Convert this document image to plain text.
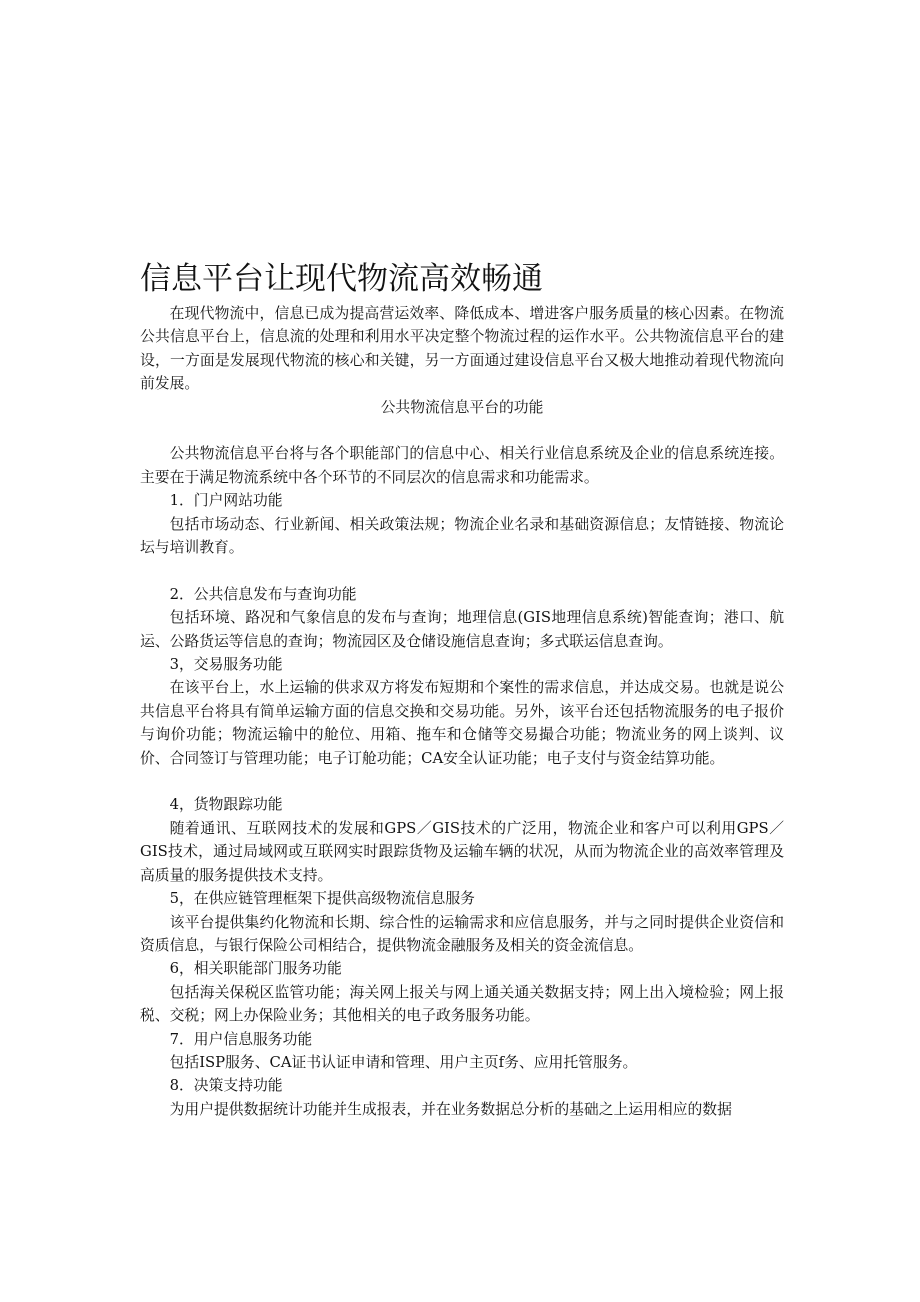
信息平台让现代物流高效畅通

在现代物流中，信息已成为提高营运效率、降低成本、增进客户服务质量的核心因素。在物流公共信息平台上，信息流的处理和利用水平决定整个物流过程的运作水平。公共物流信息平台的建设，一方面是发展现代物流的核心和关键，另一方面通过建设信息平台又极大地推动着现代物流向前发展。

公共物流信息平台的功能

公共物流信息平台将与各个职能部门的信息中心、相关行业信息系统及企业的信息系统连接。主要在于满足物流系统中各个环节的不同层次的信息需求和功能需求。

1．门户网站功能

包括市场动态、行业新闻、相关政策法规；物流企业名录和基础资源信息；友情链接、物流论坛与培训教育。

2．公共信息发布与查询功能

包括环境、路况和气象信息的发布与查询；地理信息(GIS地理信息系统)智能查询；港口、航运、公路货运等信息的查询；物流园区及仓储设施信息查询；多式联运信息查询。

3，交易服务功能

在该平台上，水上运输的供求双方将发布短期和个案性的需求信息，并达成交易。也就是说公共信息平台将具有简单运输方面的信息交换和交易功能。另外，该平台还包括物流服务的电子报价与询价功能；物流运输中的舱位、用箱、拖车和仓储等交易撮合功能；物流业务的网上谈判、议价、合同签订与管理功能；电子订舱功能；CA安全认证功能；电子支付与资金结算功能。

4，货物跟踪功能

随着通讯、互联网技术的发展和GPS／GIS技术的广泛用，物流企业和客户可以利用GPS／GIS技术，通过局域网或互联网实时跟踪货物及运输车辆的状况，从而为物流企业的高效率管理及高质量的服务提供技术支持。

5，在供应链管理框架下提供高级物流信息服务

该平台提供集约化物流和长期、综合性的运输需求和应信息服务，并与之同时提供企业资信和资质信息，与银行保险公司相结合，提供物流金融服务及相关的资金流信息。

6，相关职能部门服务功能

包括海关保税区监管功能；海关网上报关与网上通关通关数据支持；网上出入境检验；网上报税、交税；网上办保险业务；其他相关的电子政务服务功能。

7．用户信息服务功能

包括ISP服务、CA证书认证申请和管理、用户主页f务、应用托管服务。

8．决策支持功能

为用户提供数据统计功能并生成报表，并在业务数据总分析的基础之上运用相应的数据
